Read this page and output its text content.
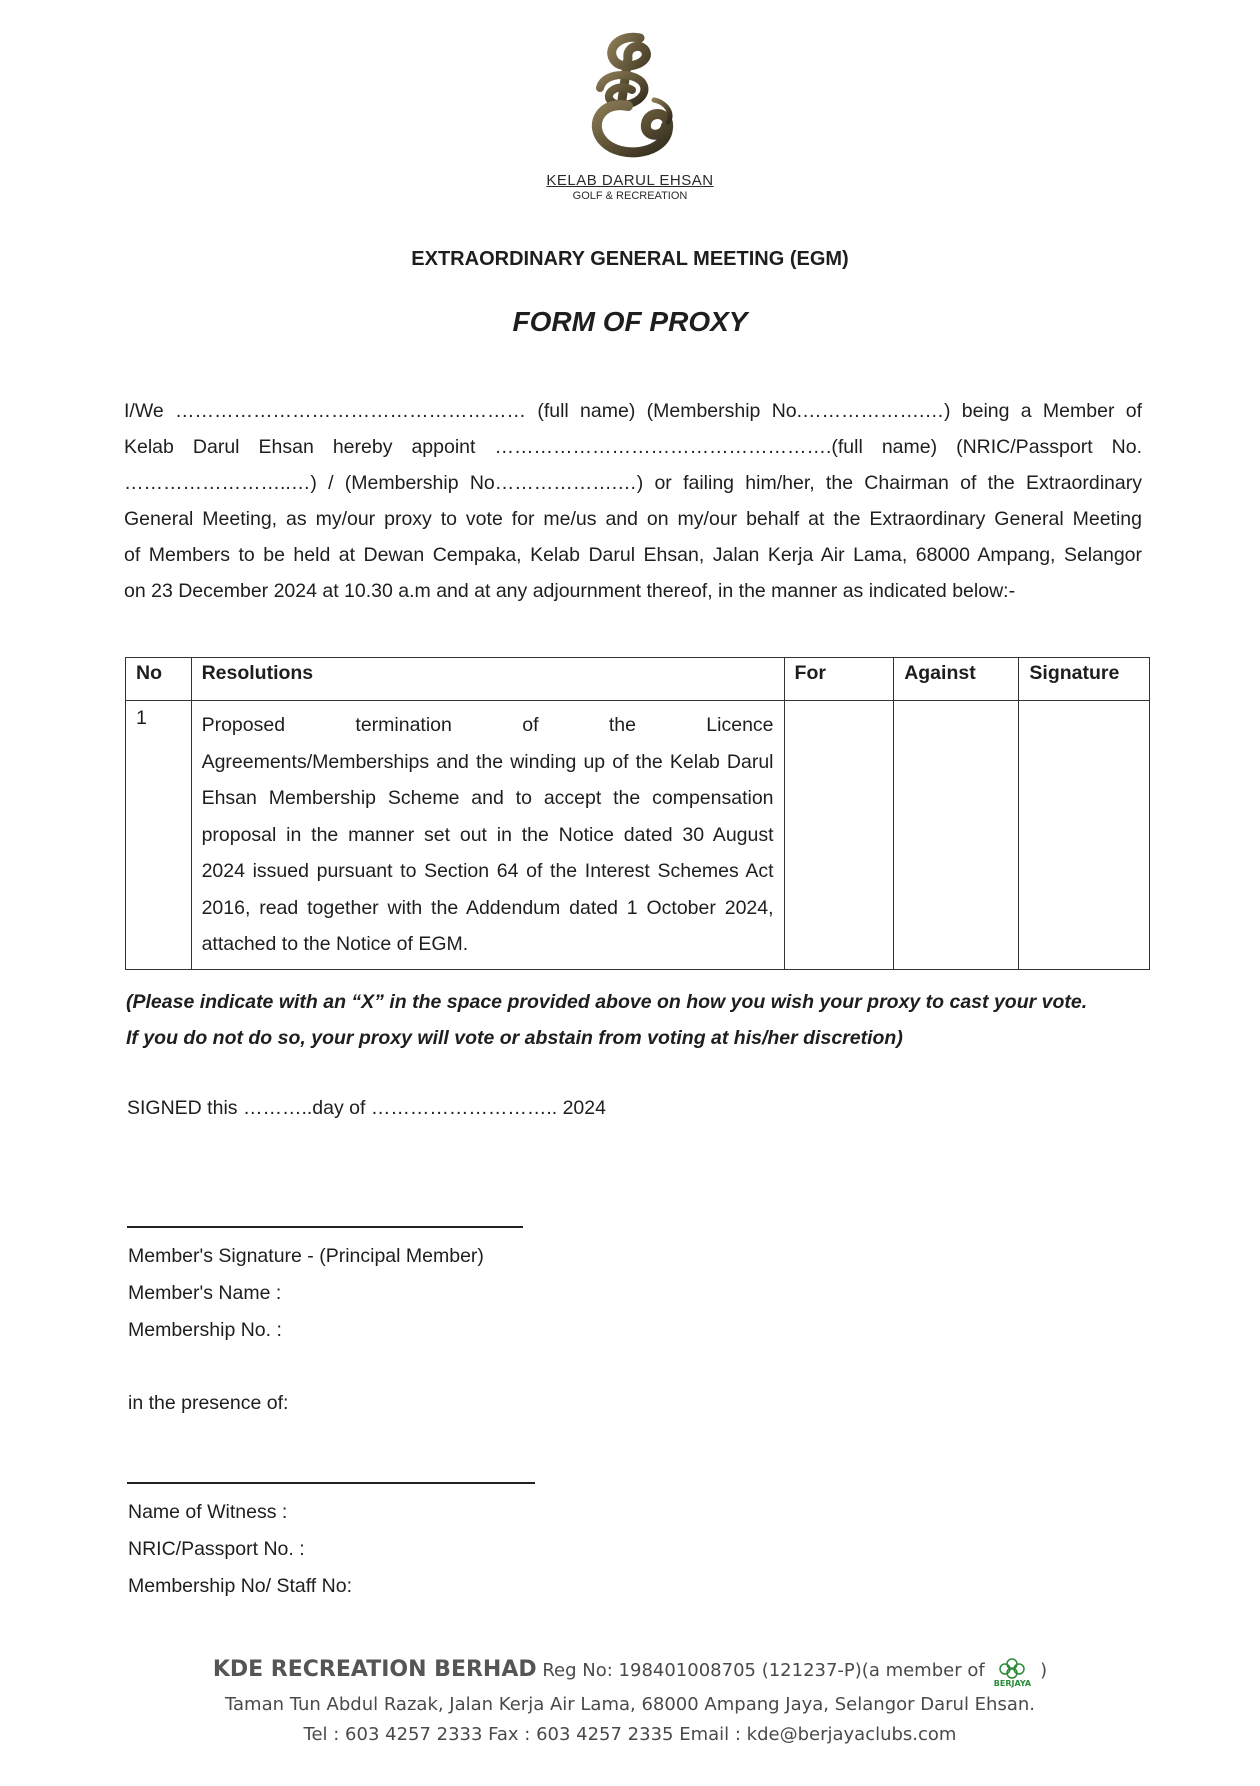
KELAB DARUL EHSAN
GOLF & RECREATION
EXTRAORDINARY GENERAL MEETING (EGM)
FORM OF PROXY
I/We ……………………………………………… (full name) (Membership No.……………….…) being a Member of
Kelab Darul Ehsan hereby appoint …………………………………………….(full name) (NRIC/Passport No.
……………………..…) / (Membership No……………….…) or failing him/her, the Chairman of the Extraordinary
General Meeting, as my/our proxy to vote for me/us and on my/our behalf at the Extraordinary General Meeting
of Members to be held at Dewan Cempaka, Kelab Darul Ehsan, Jalan Kerja Air Lama, 68000 Ampang, Selangor
on 23 December 2024 at 10.30 a.m and at any adjournment thereof, in the manner as indicated below:-
No	Resolutions	For	Against	Signature
1	Proposed termination of the Licence
Agreements/Memberships and the winding up of the Kelab Darul Ehsan Membership Scheme and to accept the compensation proposal in the manner set out in the Notice dated 30 August 2024 issued pursuant to Section 64 of the Interest Schemes Act 2016, read together with the Addendum dated 1 October 2024, attached to the Notice of EGM.			

(Please indicate with an “X” in the space provided above on how you wish your proxy to cast your vote.
If you do not do so, your proxy will vote or abstain from voting at his/her discretion)
SIGNED this ………..day of ……………………….. 2024
Member's Signature - (Principal Member)
Member's Name :
Membership No. :
in the presence of:
Name of Witness :
NRIC/Passport No. :
Membership No/ Staff No:
KDE RECREATION BERHAD Reg No: 198401008705 (121237-P)(a member of
BERJAYA
)
Taman Tun Abdul Razak, Jalan Kerja Air Lama, 68000 Ampang Jaya, Selangor Darul Ehsan.
Tel : 603 4257 2333 Fax : 603 4257 2335 Email : kde@berjayaclubs.com
